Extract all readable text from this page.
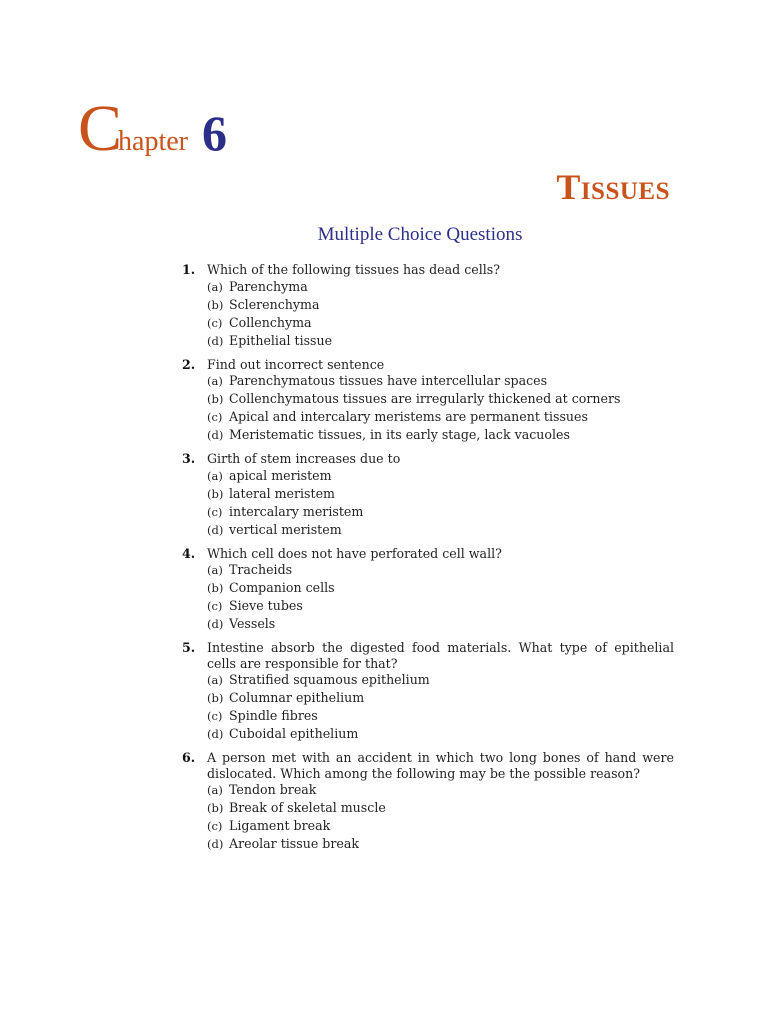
Chapter 6
Tissues
Multiple Choice Questions
1. Which of the following tissues has dead cells?
(a) Parenchyma
(b) Sclerenchyma
(c) Collenchyma
(d) Epithelial tissue
2. Find out incorrect sentence
(a) Parenchymatous tissues have intercellular spaces
(b) Collenchymatous tissues are irregularly thickened at corners
(c) Apical and intercalary meristems are permanent tissues
(d) Meristematic tissues, in its early stage, lack vacuoles
3. Girth of stem increases due to
(a) apical meristem
(b) lateral meristem
(c) intercalary meristem
(d) vertical meristem
4. Which cell does not have perforated cell wall?
(a) Tracheids
(b) Companion cells
(c) Sieve tubes
(d) Vessels
5. Intestine absorb the digested food materials. What type of epithelial cells are responsible for that?
(a) Stratified squamous epithelium
(b) Columnar epithelium
(c) Spindle fibres
(d) Cuboidal epithelium
6. A person met with an accident in which two long bones of hand were dislocated. Which among the following may be the possible reason?
(a) Tendon break
(b) Break of skeletal muscle
(c) Ligament break
(d) Areolar tissue break
